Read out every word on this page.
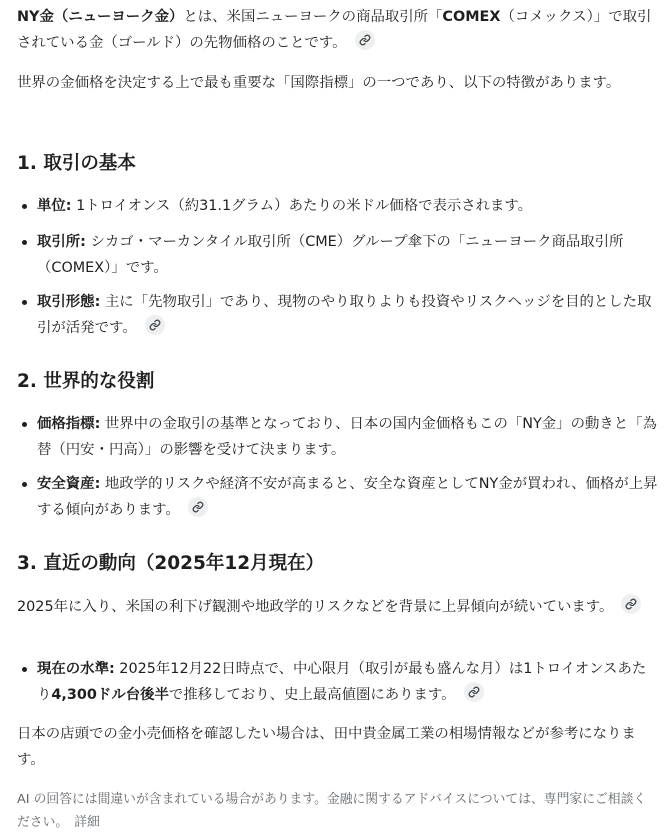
NY金（ニューヨーク金）とは、米国ニューヨークの商品取引所「COMEX（コメックス）」で取引されている金（ゴールド）の先物価格のことです。

世界の金価格を決定する上で最も重要な「国際指標」の一つであり、以下の特徴があります。

1. 取引の基本
単位: 1トロイオンス（約31.1グラム）あたりの米ドル価格で表示されます。
取引所: シカゴ・マーカンタイル取引所（CME）グループ傘下の「ニューヨーク商品取引所（COMEX）」です。
取引形態: 主に「先物取引」であり、現物のやり取りよりも投資やリスクヘッジを目的とした取引が活発です。
2. 世界的な役割
価格指標: 世界中の金取引の基準となっており、日本の国内金価格もこの「NY金」の動きと「為替（円安・円高）」の影響を受けて決まります。
安全資産: 地政学的リスクや経済不安が高まると、安全な資産としてNY金が買われ、価格が上昇する傾向があります。
3. 直近の動向（2025年12月現在）

2025年に入り、米国の利下げ観測や地政学的リスクなどを背景に上昇傾向が続いています。

現在の水準: 2025年12月22日時点で、中心限月（取引が最も盛んな月）は1トロイオンスあたり4,300ドル台後半で推移しており、史上最高値圏にあります。

日本の店頭での金小売価格を確認したい場合は、田中貴金属工業の相場情報などが参考になります。

AI の回答には間違いが含まれている場合があります。金融に関するアドバイスについては、専門家にご相談ください。 詳細
